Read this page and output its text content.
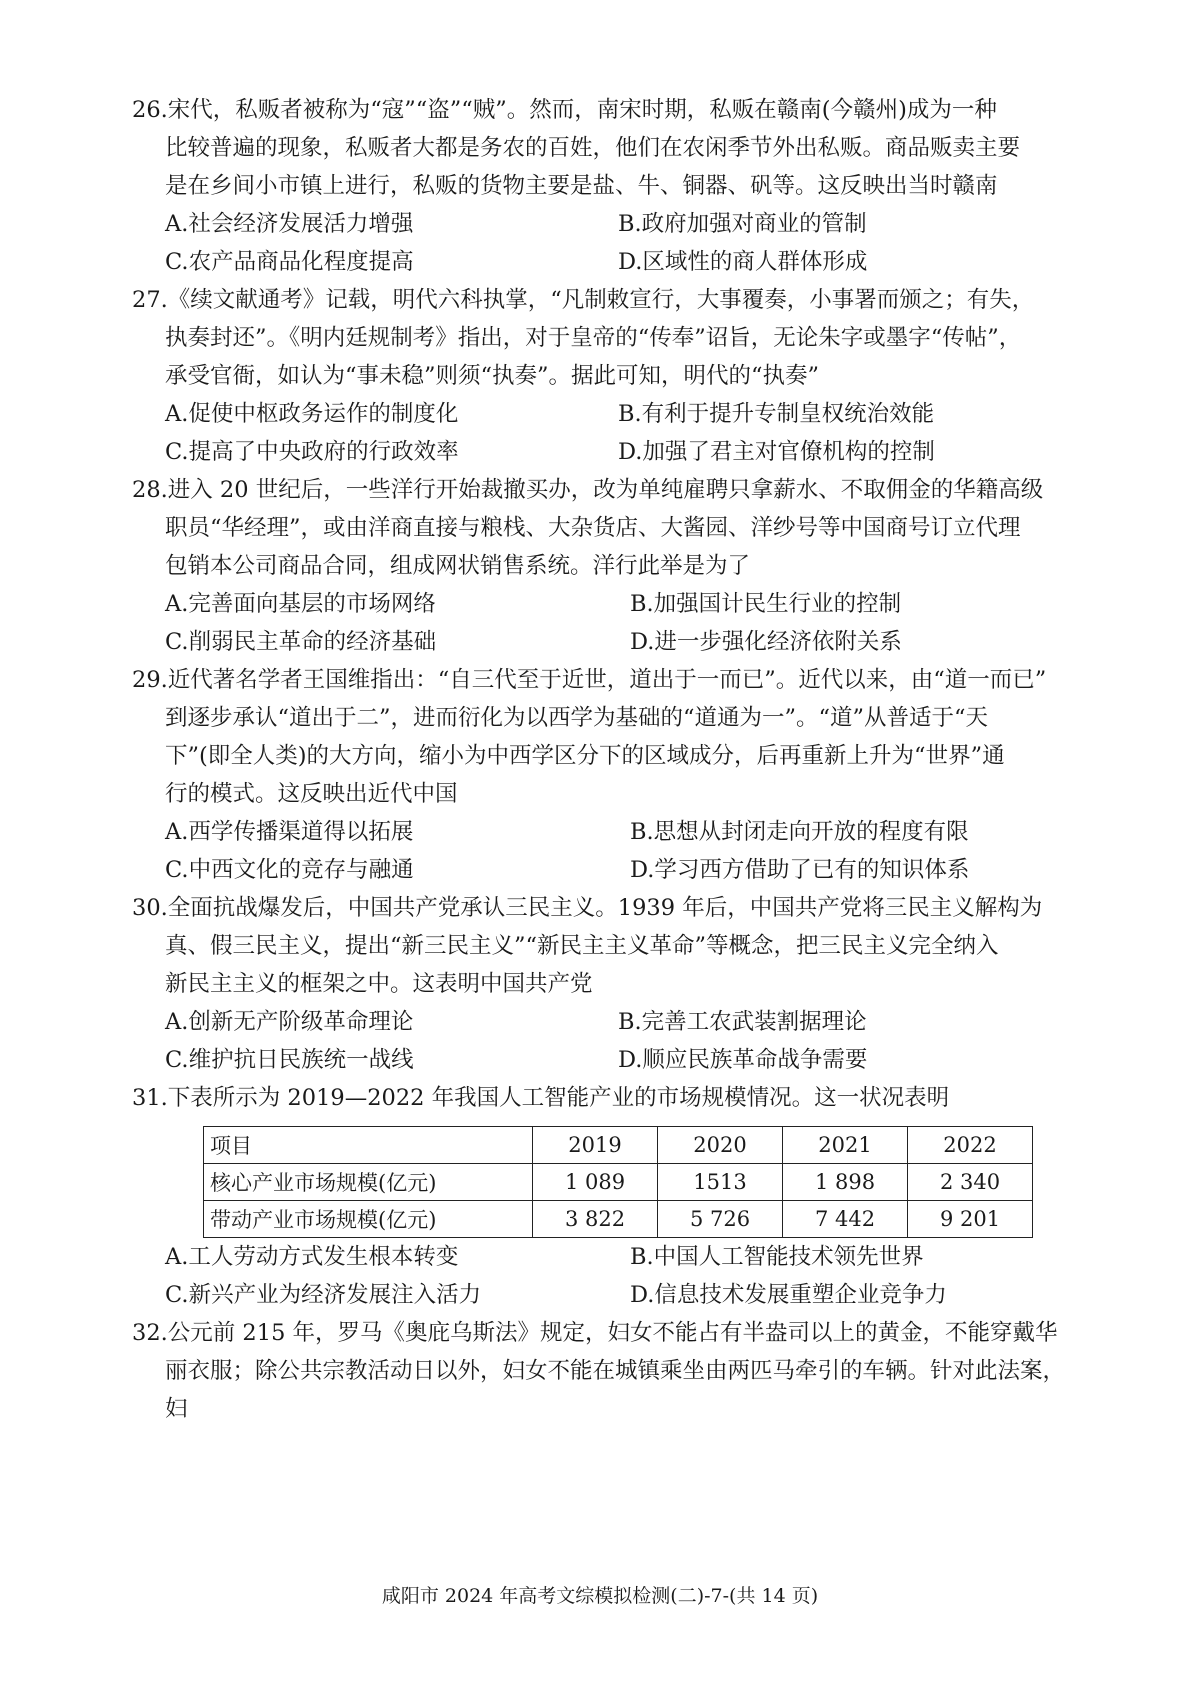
26.宋代，私贩者被称为“寇”“盗”“贼”。然而，南宋时期，私贩在赣南(今赣州)成为一种
比较普遍的现象，私贩者大都是务农的百姓，他们在农闲季节外出私贩。商品贩卖主要
是在乡间小市镇上进行，私贩的货物主要是盐、牛、铜器、矾等。这反映出当时赣南
A.社会经济发展活力增强	B.政府加强对商业的管制
C.农产品商品化程度提高	D.区域性的商人群体形成
27.《续文献通考》记载，明代六科执掌，“凡制敕宣行，大事覆奏，小事署而颁之；有失，
执奏封还”。《明内廷规制考》指出，对于皇帝的“传奉”诏旨，无论朱字或墨字“传帖”，
承受官衙，如认为“事未稳”则须“执奏”。据此可知，明代的“执奏”
A.促使中枢政务运作的制度化	B.有利于提升专制皇权统治效能
C.提高了中央政府的行政效率	D.加强了君主对官僚机构的控制
28.进入 20 世纪后，一些洋行开始裁撤买办，改为单纯雇聘只拿薪水、不取佣金的华籍高级
职员“华经理”，或由洋商直接与粮栈、大杂货店、大酱园、洋纱号等中国商号订立代理
包销本公司商品合同，组成网状销售系统。洋行此举是为了
A.完善面向基层的市场网络	B.加强国计民生行业的控制
C.削弱民主革命的经济基础	D.进一步强化经济依附关系
29.近代著名学者王国维指出：“自三代至于近世，道出于一而已”。近代以来，由“道一而已”
到逐步承认“道出于二”，进而衍化为以西学为基础的“道通为一”。“道”从普适于“天
下”(即全人类)的大方向，缩小为中西学区分下的区域成分，后再重新上升为“世界”通
行的模式。这反映出近代中国
A.西学传播渠道得以拓展	B.思想从封闭走向开放的程度有限
C.中西文化的竞存与融通	D.学习西方借助了已有的知识体系
30.全面抗战爆发后，中国共产党承认三民主义。1939 年后，中国共产党将三民主义解构为
真、假三民主义，提出“新三民主义”“新民主主义革命”等概念，把三民主义完全纳入
新民主主义的框架之中。这表明中国共产党
A.创新无产阶级革命理论	B.完善工农武装割据理论
C.维护抗日民族统一战线	D.顺应民族革命战争需要
31.下表所示为 2019—2022 年我国人工智能产业的市场规模情况。这一状况表明
项目	2019	2020	2021	2022
核心产业市场规模(亿元)	1 089	1513	1 898	2 340
带动产业市场规模(亿元)	3 822	5 726	7 442	9 201
A.工人劳动方式发生根本转变	B.中国人工智能技术领先世界
C.新兴产业为经济发展注入活力	D.信息技术发展重塑企业竞争力
32.公元前 215 年，罗马《奥庇乌斯法》规定，妇女不能占有半盎司以上的黄金，不能穿戴华
丽衣服；除公共宗教活动日以外，妇女不能在城镇乘坐由两匹马牵引的车辆。针对此法案，
妇
咸阳市 2024 年高考文综模拟检测(二)-7-(共 14 页)
